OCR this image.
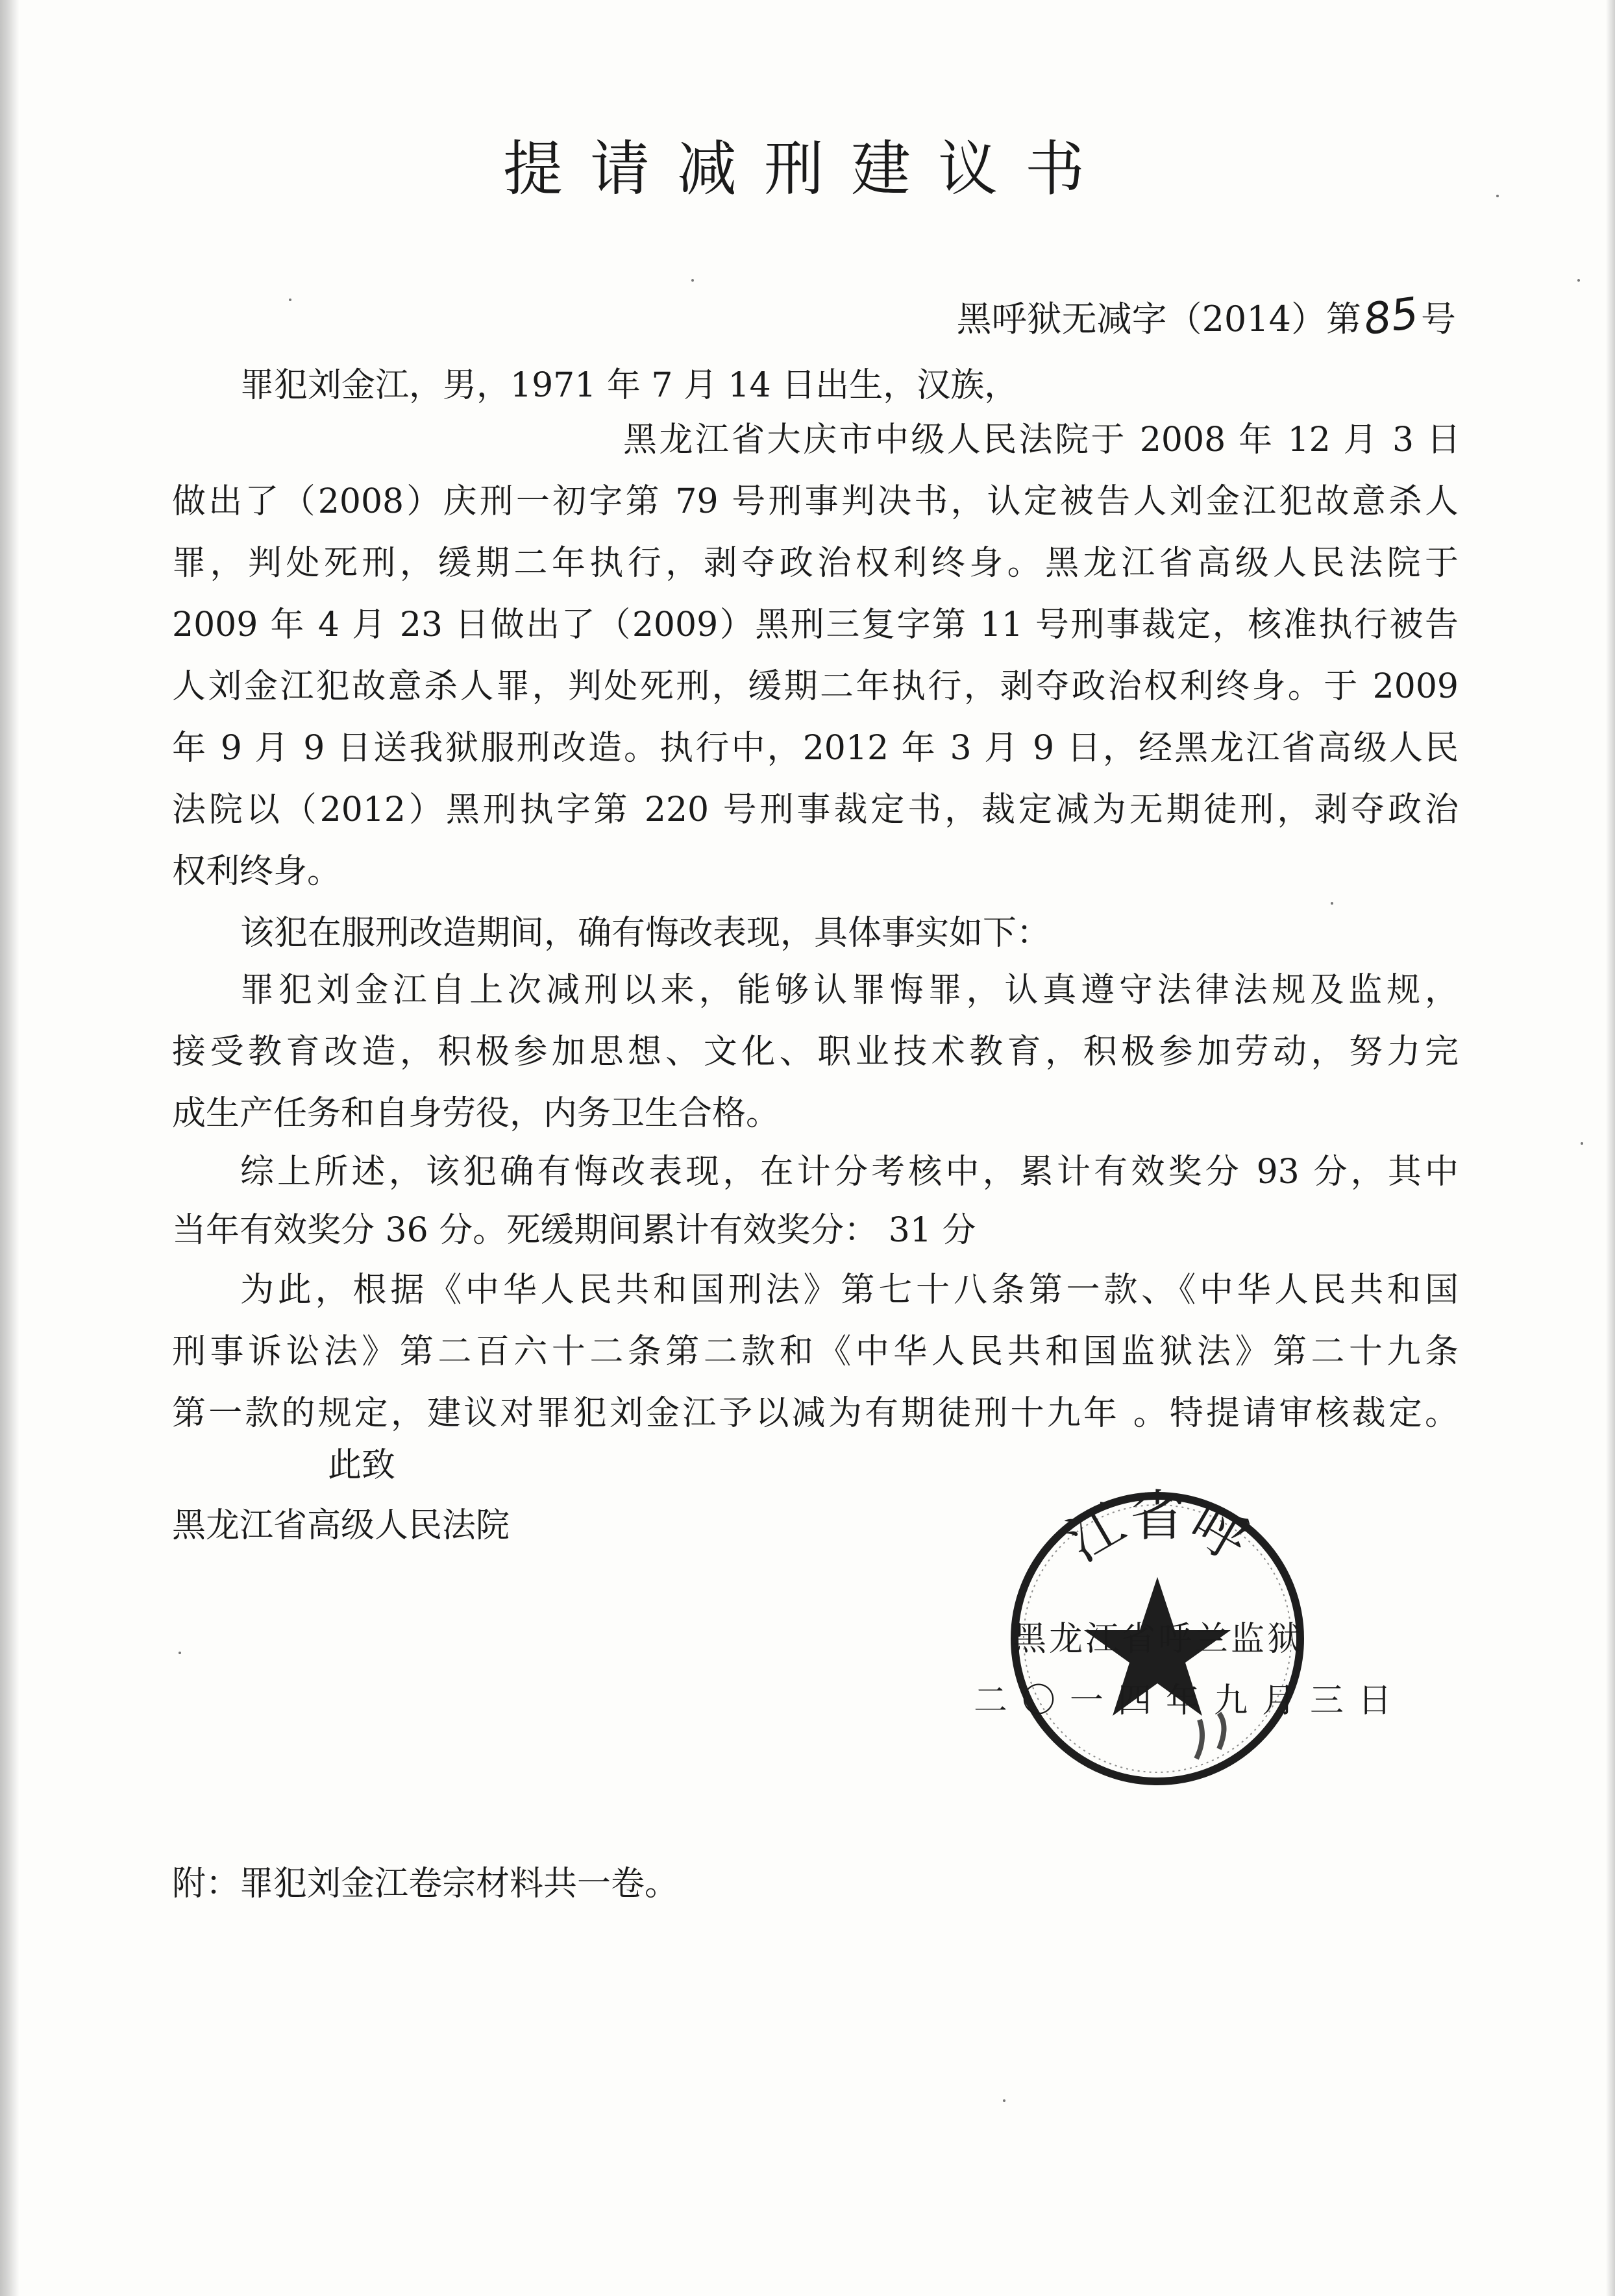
提请减刑建议书
黑呼狱无减字（2014）第85号
罪犯刘金江，男，1971 年 7 月 14 日出生，汉族，
黑龙江省大庆市中级人民法院于 2008 年 12 月 3 日
做出了（2008）庆刑一初字第 79 号刑事判决书，认定被告人刘金江犯故意杀人
罪，判处死刑，缓期二年执行，剥夺政治权利终身。黑龙江省高级人民法院于
2009 年 4 月 23 日做出了（2009）黑刑三复字第 11 号刑事裁定，核准执行被告
人刘金江犯故意杀人罪，判处死刑，缓期二年执行，剥夺政治权利终身。于 2009
年 9 月 9 日送我狱服刑改造。执行中，2012 年 3 月 9 日，经黑龙江省高级人民
法院以（2012）黑刑执字第 220 号刑事裁定书，裁定减为无期徒刑，剥夺政治
权利终身。
该犯在服刑改造期间，确有悔改表现，具体事实如下：
罪犯刘金江自上次减刑以来，能够认罪悔罪，认真遵守法律法规及监规，
接受教育改造，积极参加思想、文化、职业技术教育，积极参加劳动，努力完
成生产任务和自身劳役，内务卫生合格。
综上所述，该犯确有悔改表现，在计分考核中，累计有效奖分 93 分，其中
当年有效奖分 36 分。死缓期间累计有效奖分： 31 分
为此，根据《中华人民共和国刑法》第七十八条第一款、《中华人民共和国
刑事诉讼法》第二百六十二条第二款和《中华人民共和国监狱法》第二十九条
第一款的规定，建议对罪犯刘金江予以减为有期徒刑十九年 。特提请审核裁定。
此致
黑龙江省高级人民法院	江省呼
黑龙江省呼兰监狱
二〇一四年九月三日
附：罪犯刘金江卷宗材料共一卷。
